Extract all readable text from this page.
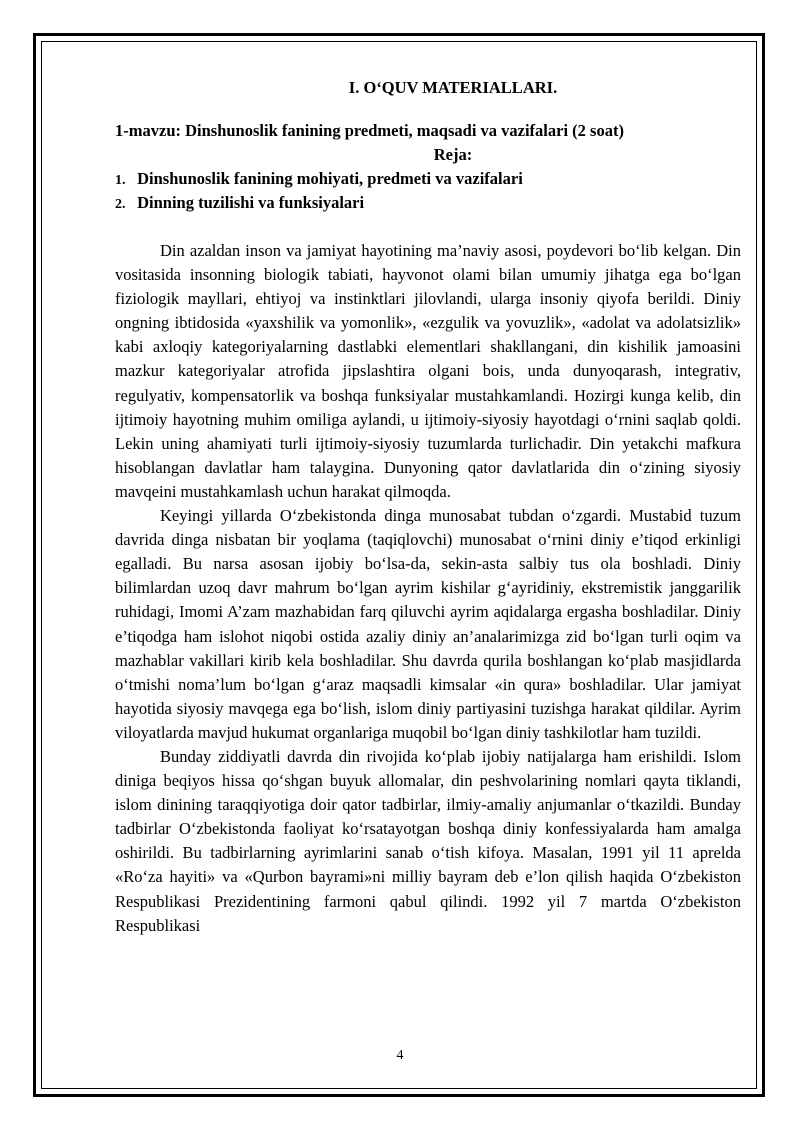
I. O‘QUV MATERIALLARI.
1-mavzu: Dinshunoslik fanining predmeti, maqsadi va vazifalari (2 soat)
Reja:
1. Dinshunoslik fanining mohiyati, predmeti va vazifalari
2. Dinning tuzilishi va funksiyalari

Din azaldan inson va jamiyat hayotining ma’naviy asosi, poydevori bo‘lib kelgan. Din vositasida insonning biologik tabiati, hayvonot olami bilan umumiy jihatga ega bo‘lgan fiziologik mayllari, ehtiyoj va instinktlari jilovlandi, ularga insoniy qiyofa berildi. Diniy ongning ibtidosida «yaxshilik va yomonlik», «ezgulik va yovuzlik», «adolat va adolatsizlik» kabi axloqiy kategoriyalarning dastlabki elementlari shakllangani, din kishilik jamoasini mazkur kategoriyalar atrofida jipslashtira olgani bois, unda dunyoqarash, integrativ, regulyativ, kompensatorlik va boshqa funksiyalar mustahkamlandi. Hozirgi kunga kelib, din ijtimoiy hayotning muhim omiliga aylandi, u ijtimoiy-siyosiy hayotdagi o‘rnini saqlab qoldi. Lekin uning ahamiyati turli ijtimoiy-siyosiy tuzumlarda turlichadir. Din yetakchi mafkura hisoblangan davlatlar ham talaygina. Dunyoning qator davlatlarida din o‘zining siyosiy mavqeini mustahkamlash uchun harakat qilmoqda.

Keyingi yillarda O‘zbekistonda dinga munosabat tubdan o‘zgardi. Mustabid tuzum davrida dinga nisbatan bir yoqlama (taqiqlovchi) munosabat o‘rnini diniy e’tiqod erkinligi egalladi. Bu narsa asosan ijobiy bo‘lsa-da, sekin-asta salbiy tus ola boshladi. Diniy bilimlardan uzoq davr mahrum bo‘lgan ayrim kishilar g‘ayridiniy, ekstremistik janggarilik ruhidagi, Imomi A’zam mazhabidan farq qiluvchi ayrim aqidalarga ergasha boshladilar. Diniy e’tiqodga ham islohot niqobi ostida azaliy diniy an’analarimizga zid bo‘lgan turli oqim va mazhablar vakillari kirib kela boshladilar. Shu davrda qurila boshlangan ko‘plab masjidlarda o‘tmishi noma’lum bo‘lgan g‘araz maqsadli kimsalar «in qura» boshladilar. Ular jamiyat hayotida siyosiy mavqega ega bo‘lish, islom diniy partiyasini tuzishga harakat qildilar. Ayrim viloyatlarda mavjud hukumat organlariga muqobil bo‘lgan diniy tashkilotlar ham tuzildi.

Bunday ziddiyatli davrda din rivojida ko‘plab ijobiy natijalarga ham erishildi. Islom diniga beqiyos hissa qo‘shgan buyuk allomalar, din peshvolarining nomlari qayta tiklandi, islom dinining taraqqiyotiga doir qator tadbirlar, ilmiy-amaliy anjumanlar o‘tkazildi. Bunday tadbirlar O‘zbekistonda faoliyat ko‘rsatayotgan boshqa diniy konfessiyalarda ham amalga oshirildi. Bu tadbirlarning ayrimlarini sanab o‘tish kifoya. Masalan, 1991 yil 11 aprelda «Ro‘za hayiti» va «Qurbon bayrami»ni milliy bayram deb e’lon qilish haqida O‘zbekiston Respublikasi Prezidentining farmoni qabul qilindi. 1992 yil 7 martda O‘zbekiston Respublikasi

4
